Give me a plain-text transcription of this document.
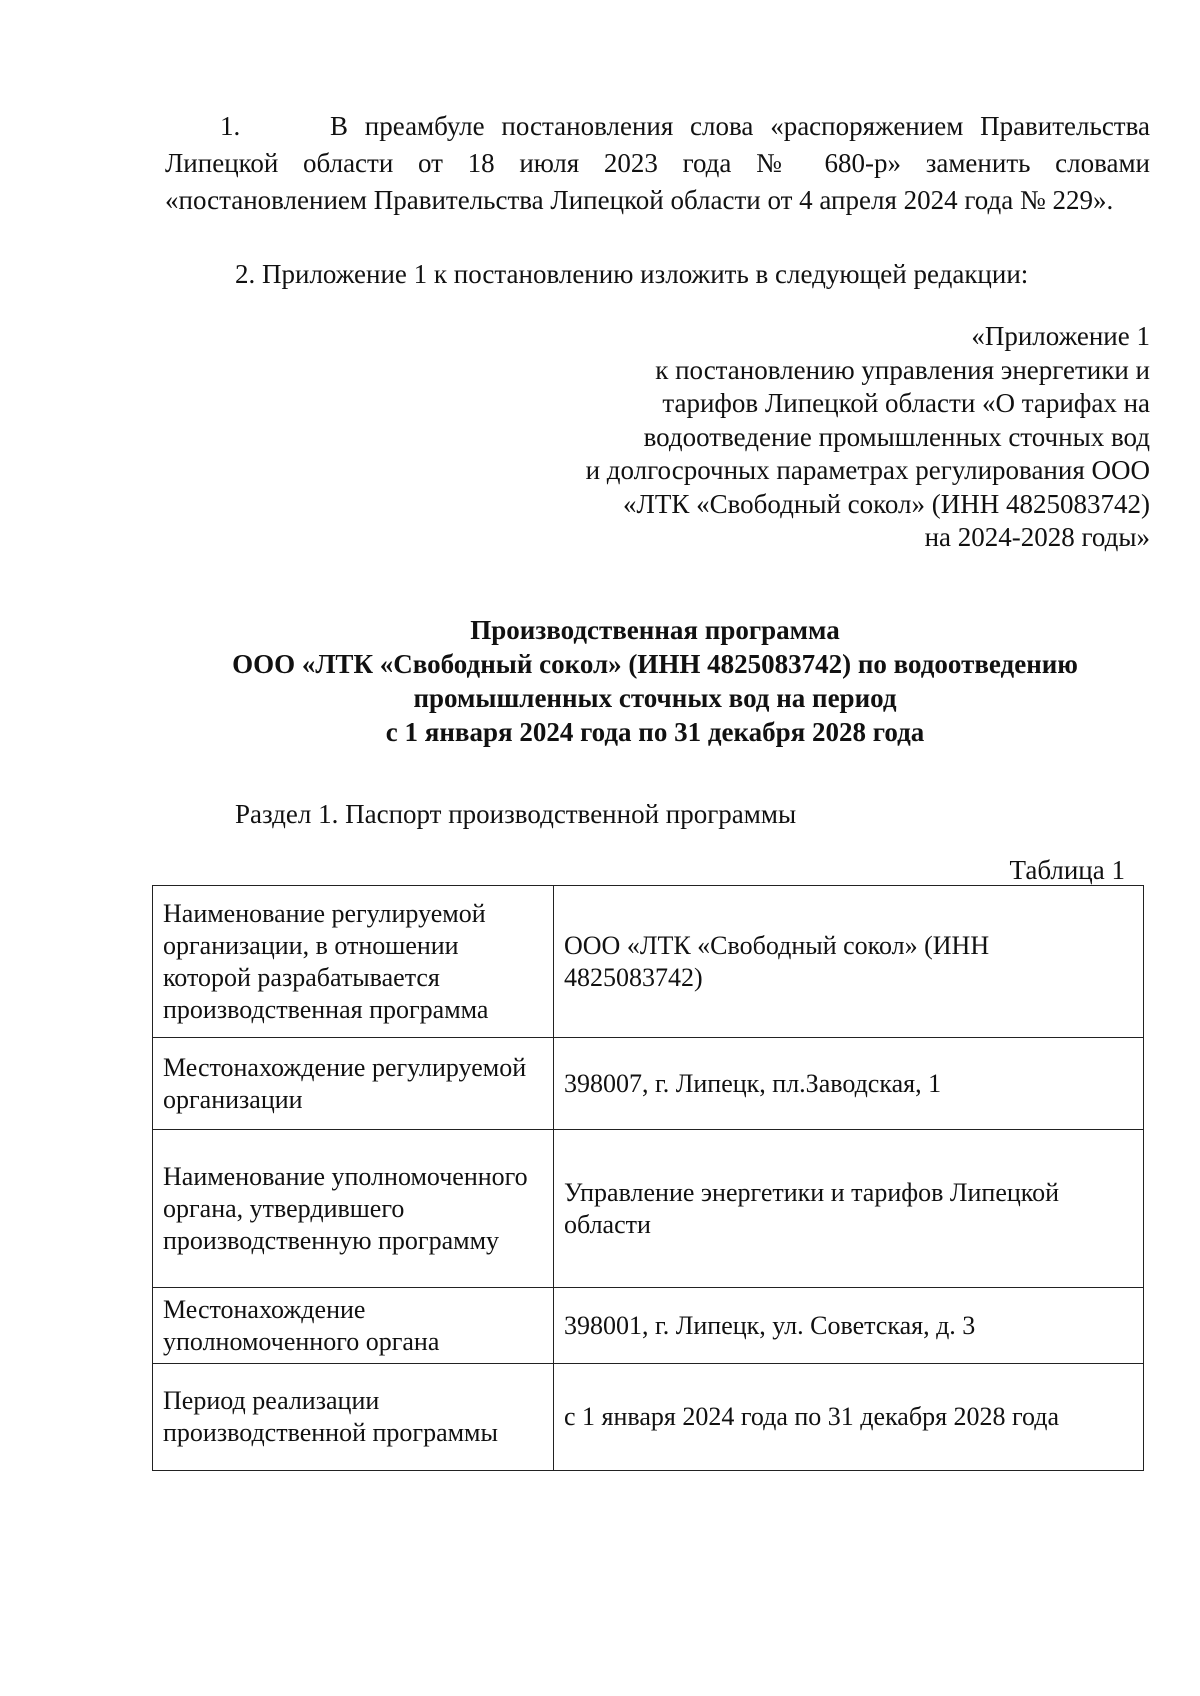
1.	В преамбуле постановления слова «распоряжением Правительства Липецкой области от 18 июля 2023 года № 680-р» заменить словами «постановлением Правительства Липецкой области от 4 апреля 2024 года № 229».
2. Приложение 1 к постановлению изложить в следующей редакции:
«Приложение 1
к постановлению управления энергетики и
тарифов Липецкой области «О тарифах на
водоотведение промышленных сточных вод
и долгосрочных параметрах регулирования ООО
«ЛТК «Свободный сокол» (ИНН 4825083742)
на 2024-2028 годы»
Производственная программа
ООО «ЛТК «Свободный сокол» (ИНН 4825083742) по водоотведению
промышленных сточных вод на период
с 1 января 2024 года по 31 декабря 2028 года
Раздел 1. Паспорт производственной программы
Таблица 1
Наименование регулируемой организации, в отношении которой разрабатывается производственная программа	ООО «ЛТК «Свободный сокол» (ИНН 4825083742)
Местонахождение регулируемой организации	398007, г. Липецк, пл.Заводская, 1
Наименование уполномоченного органа, утвердившего производственную программу	Управление энергетики и тарифов Липецкой области
Местонахождение уполномоченного органа	398001, г. Липецк, ул. Советская, д. 3
Период реализации производственной программы	с 1 января 2024 года по 31 декабря 2028 года
